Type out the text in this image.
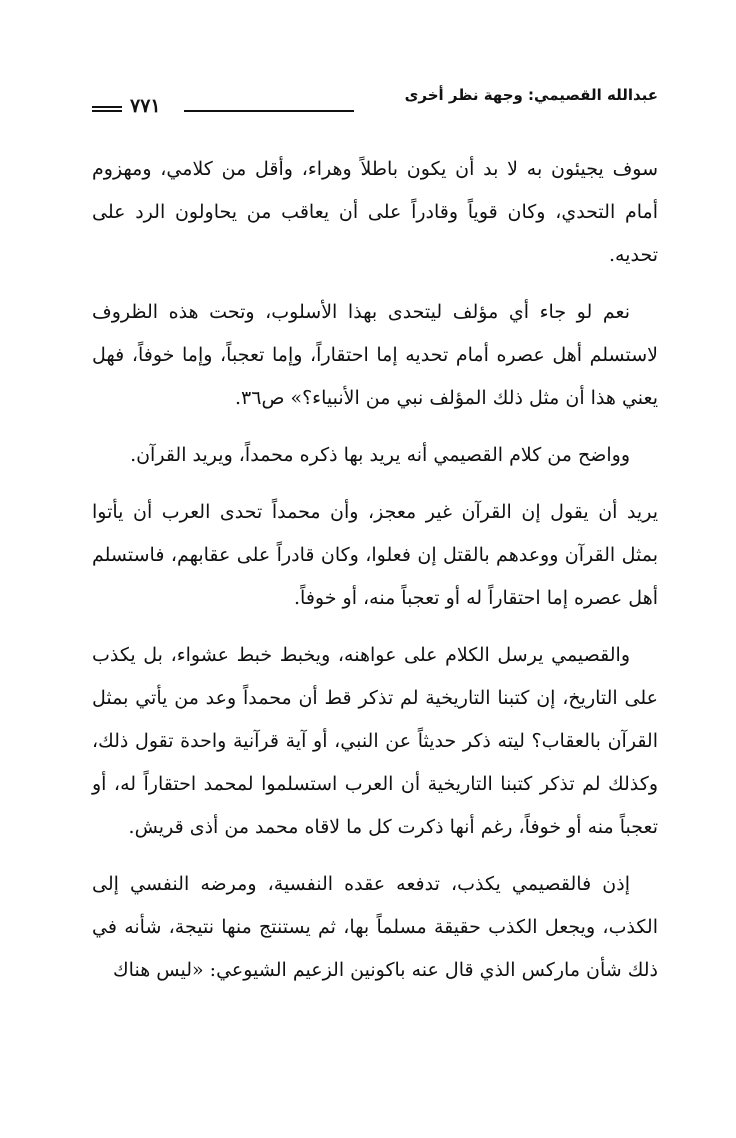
عبدالله القصيمي: وجهة نظر أخرى
٧٧١

سوف يجيئون به لا بد أن يكون باطلاً وهراء، وأقل من كلامي، ومهزوم أمام التحدي، وكان قوياً وقادراً على أن يعاقب من يحاولون الرد على تحديه.

نعم لو جاء أي مؤلف ليتحدى بهذا الأسلوب، وتحت هذه الظروف لاستسلم أهل عصره أمام تحديه إما احتقاراً، وإما تعجباً، وإما خوفاً، فهل يعني هذا أن مثل ذلك المؤلف نبي من الأنبياء؟» ص٣٦.

وواضح من كلام القصيمي أنه يريد بها ذكره محمداً، ويريد القرآن.

يريد أن يقول إن القرآن غير معجز، وأن محمداً تحدى العرب أن يأتوا بمثل القرآن ووعدهم بالقتل إن فعلوا، وكان قادراً على عقابهم، فاستسلم أهل عصره إما احتقاراً له أو تعجباً منه، أو خوفاً.

والقصيمي يرسل الكلام على عواهنه، ويخبط خبط عشواء، بل يكذب على التاريخ، إن كتبنا التاريخية لم تذكر قط أن محمداً وعد من يأتي بمثل القرآن بالعقاب؟ ليته ذكر حديثاً عن النبي، أو آية قرآنية واحدة تقول ذلك، وكذلك لم تذكر كتبنا التاريخية أن العرب استسلموا لمحمد احتقاراً له، أو تعجباً منه أو خوفاً، رغم أنها ذكرت كل ما لاقاه محمد من أذى قريش.

إذن فالقصيمي يكذب، تدفعه عقده النفسية، ومرضه النفسي إلى الكذب، ويجعل الكذب حقيقة مسلماً بها، ثم يستنتج منها نتيجة، شأنه في ذلك شأن ماركس الذي قال عنه باكونين الزعيم الشيوعي: «ليس هناك
